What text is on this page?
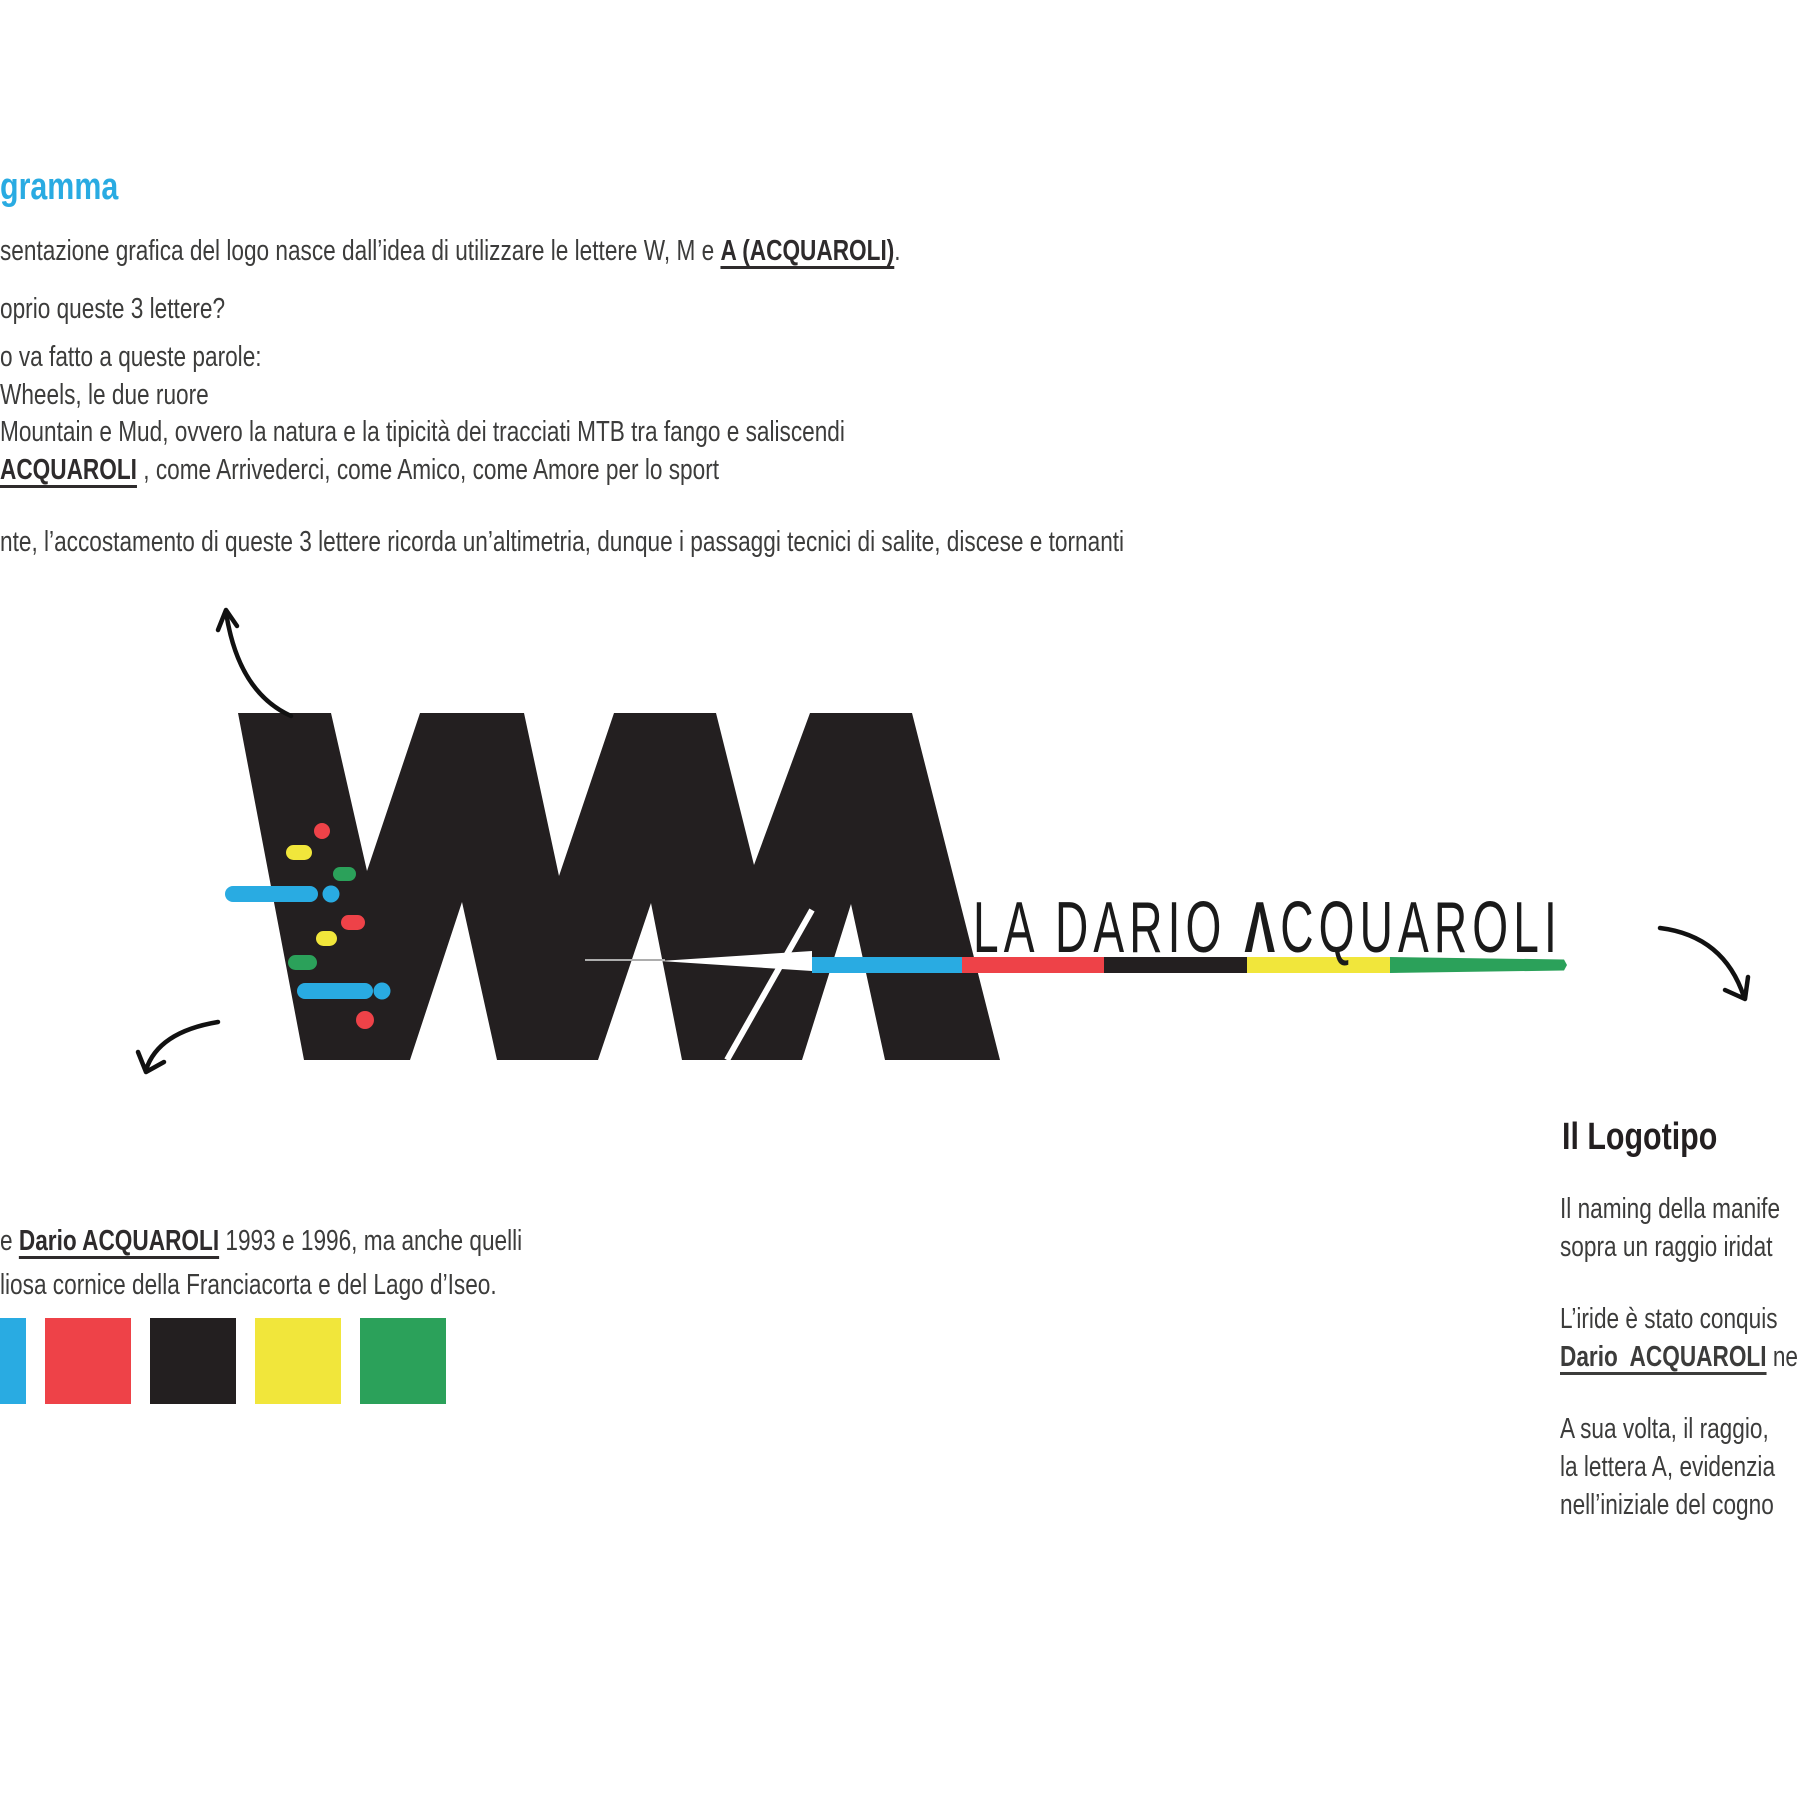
gramma
sentazione grafica del logo nasce dall’idea di utilizzare le lettere W, M e A (ACQUAROLI).
oprio queste 3 lettere?
o va fatto a queste parole:
Wheels, le due ruore
Mountain e Mud, ovvero la natura e la tipicità dei tracciati MTB tra fango e saliscendi
ACQUAROLI , come Arrivederci, come Amico, come Amore per lo sport
nte, l’accostamento di queste 3 lettere ricorda un’altimetria, dunque i passaggi tecnici di salite, discese e tornanti
LA DARIO ΛCQUAROLI
e Dario ACQUAROLI 1993 e 1996, ma anche quelli
liosa cornice della Franciacorta e del Lago d’Iseo.
Il Logotipo
Il naming della manife
sopra un raggio iridat
L’iride è stato conquis
Dario  ACQUAROLI ne
A sua volta, il raggio,
la lettera A, evidenzia
nell’iniziale del cogno
